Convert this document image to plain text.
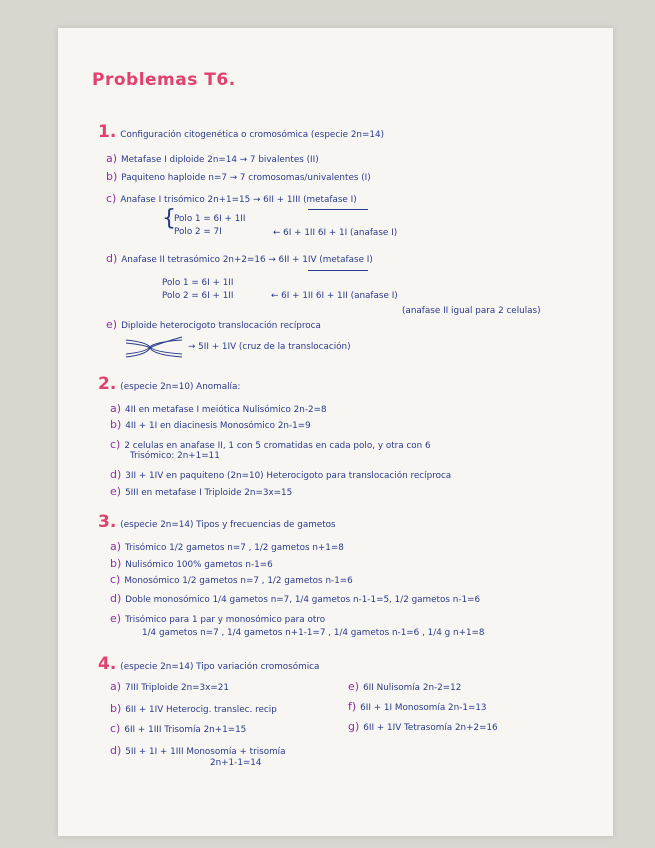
Problemas T6.
1. Configuración citogenética o cromosómica (especie 2n=14)
a) Metafase I diploide 2n=14 → 7 bivalentes (II)
b) Paquiteno haploide n=7 → 7 cromosomas/univalentes (I)
c) Anafase I trisómico 2n+1=15 → 6II + 1III (metafase I)
{
Polo 1 = 6I + 1II
Polo 2 = 7I	← 6I + 1II 6I + 1I (anafase I)
d) Anafase II tetrasómico 2n+2=16 → 6II + 1IV (metafase I)
Polo 1 = 6I + 1II
Polo 2 = 6I + 1II	← 6I + 1II 6I + 1II (anafase I)
(anafase II igual para 2 celulas)
e) Diploide heterocigoto translocación recíproca
→ 5II + 1IV (cruz de la translocación)
2. (especie 2n=10) Anomalía:
a) 4II en metafase I meiótica Nulisómico 2n-2=8
b) 4II + 1I en diacinesis Monosómico 2n-1=9
c) 2 celulas en anafase II, 1 con 5 cromatidas en cada polo, y otra con 6
Trisómico: 2n+1=11
d) 3II + 1IV en paquiteno (2n=10) Heterocigoto para translocación recíproca
e) 5III en metafase I Triploide 2n=3x=15
3. (especie 2n=14) Tipos y frecuencias de gametos
a) Trisómico 1/2 gametos n=7 , 1/2 gametos n+1=8
b) Nulisómico 100% gametos n-1=6
c) Monosómico 1/2 gametos n=7 , 1/2 gametos n-1=6
d) Doble monosómico 1/4 gametos n=7, 1/4 gametos n-1-1=5, 1/2 gametos n-1=6
e) Trisómico para 1 par y monosómico para otro
1/4 gametos n=7 , 1/4 gametos n+1-1=7 , 1/4 gametos n-1=6 , 1/4 g n+1=8
4. (especie 2n=14) Tipo variación cromosómica
a) 7III Triploide 2n=3x=21
b) 6II + 1IV Heterocig. translec. recip
c) 6II + 1III Trisomía 2n+1=15
d) 5II + 1I + 1III Monosomía + trisomía
2n+1-1=14
e) 6II Nulisomía 2n-2=12
f) 6II + 1I Monosomía 2n-1=13
g) 6II + 1IV Tetrasomía 2n+2=16
